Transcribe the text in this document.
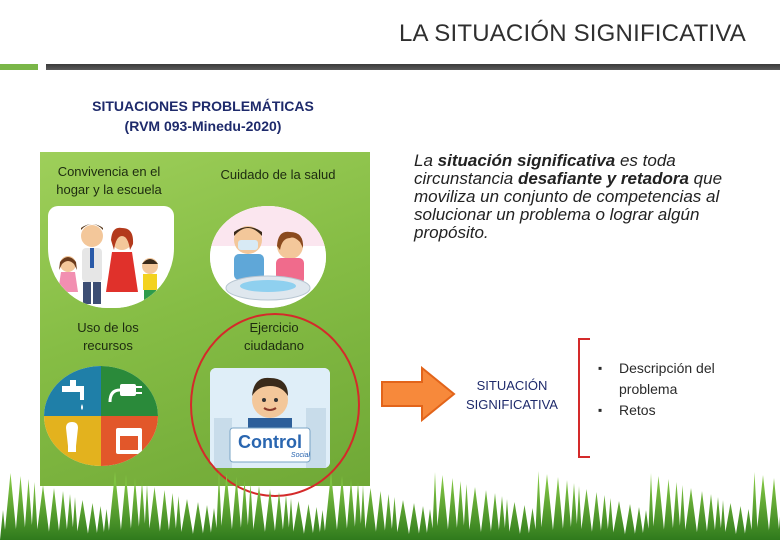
LA SITUACIÓN SIGNIFICATIVA
SITUACIONES PROBLEMÁTICAS
(RVM 093-Minedu-2020)
Convivencia en el hogar y la escuela
Cuidado de la salud
Uso de los recursos
Ejercicio ciudadano
Control
Social
La situación significativa es toda circunstancia desafiante y retadora que moviliza un conjunto de competencias al solucionar un problema o lograr algún propósito.
SITUACIÓN SIGNIFICATIVA
▪ Descripción del problema
▪ Retos
